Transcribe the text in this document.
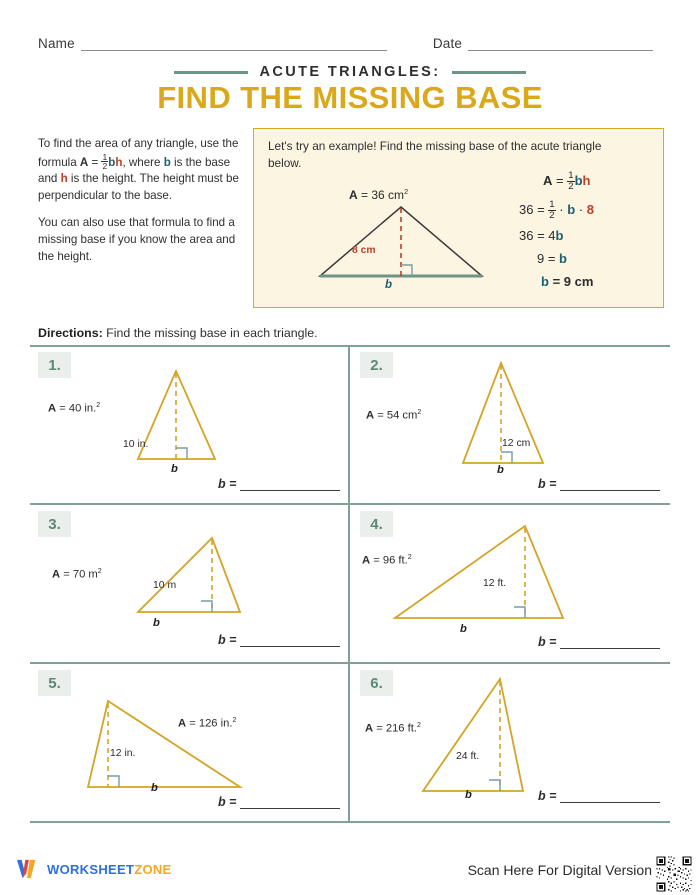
Name	Date
ACUTE TRIANGLES:
FIND THE MISSING BASE

To find the area of any triangle, use the formula $A = \frac{1}{2}$ bh, where b is the base and h is the height. The height must be perpendicular to the base.

You can also use that formula to find a missing base if you know the area and the height.

Let's try an example! Find the missing base of the acute triangle below.
A = 36 $cm^2$
8 cm
b
$A = \frac{1}{2}$ bh
$36 = \frac{1}{2} \cdot b \cdot 8$
36 = 4b
9 = b
b = 9 cm
Directions: Find the missing base in each triangle.
1.
A = 40 in.$^2$
10 in.
b
b =
2.
A = 54 $cm^2$
12 cm
b
b =
3.
A = 70 $m^2$
10 m
b
b =
4.
A = 96 ft.$^2$
12 ft.
b
b =
5.
A = 126 in.$^2$
12 in.
b
b =
6.
A = 216 ft.$^2$
24 ft.
b	b =
WORKSHEETZONE	Scan Here For Digital Version
